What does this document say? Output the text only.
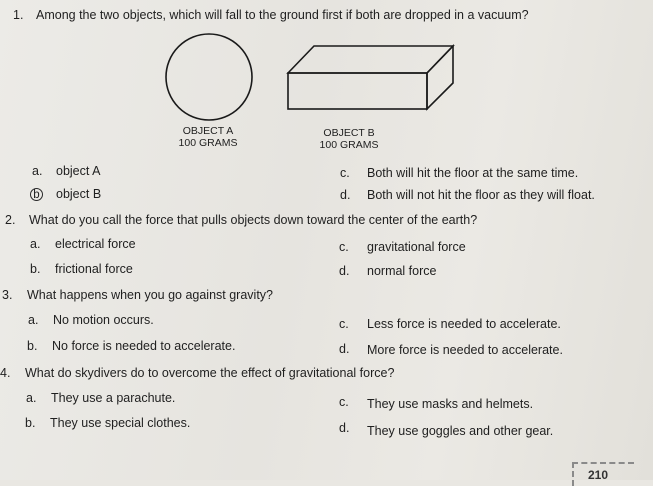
1. Among the two objects, which will fall to the ground first if both are dropped in a vacuum?
OBJECT A
100 GRAMS
OBJECT B
100 GRAMS
a. object A
b	object B
c. Both will hit the floor at the same time.
d. Both will not hit the floor as they will float.
2. What do you call the force that pulls objects down toward the center of the earth?
a. electrical force
b. frictional force
c. gravitational force
d. normal force
3. What happens when you go against gravity?
a. No motion occurs.
b. No force is needed to accelerate.
c. Less force is needed to accelerate.
d. More force is needed to accelerate.
4. What do skydivers do to overcome the effect of gravitational force?
a. They use a parachute.
b. They use special clothes.
c. They use masks and helmets.
d. They use goggles and other gear.
210
